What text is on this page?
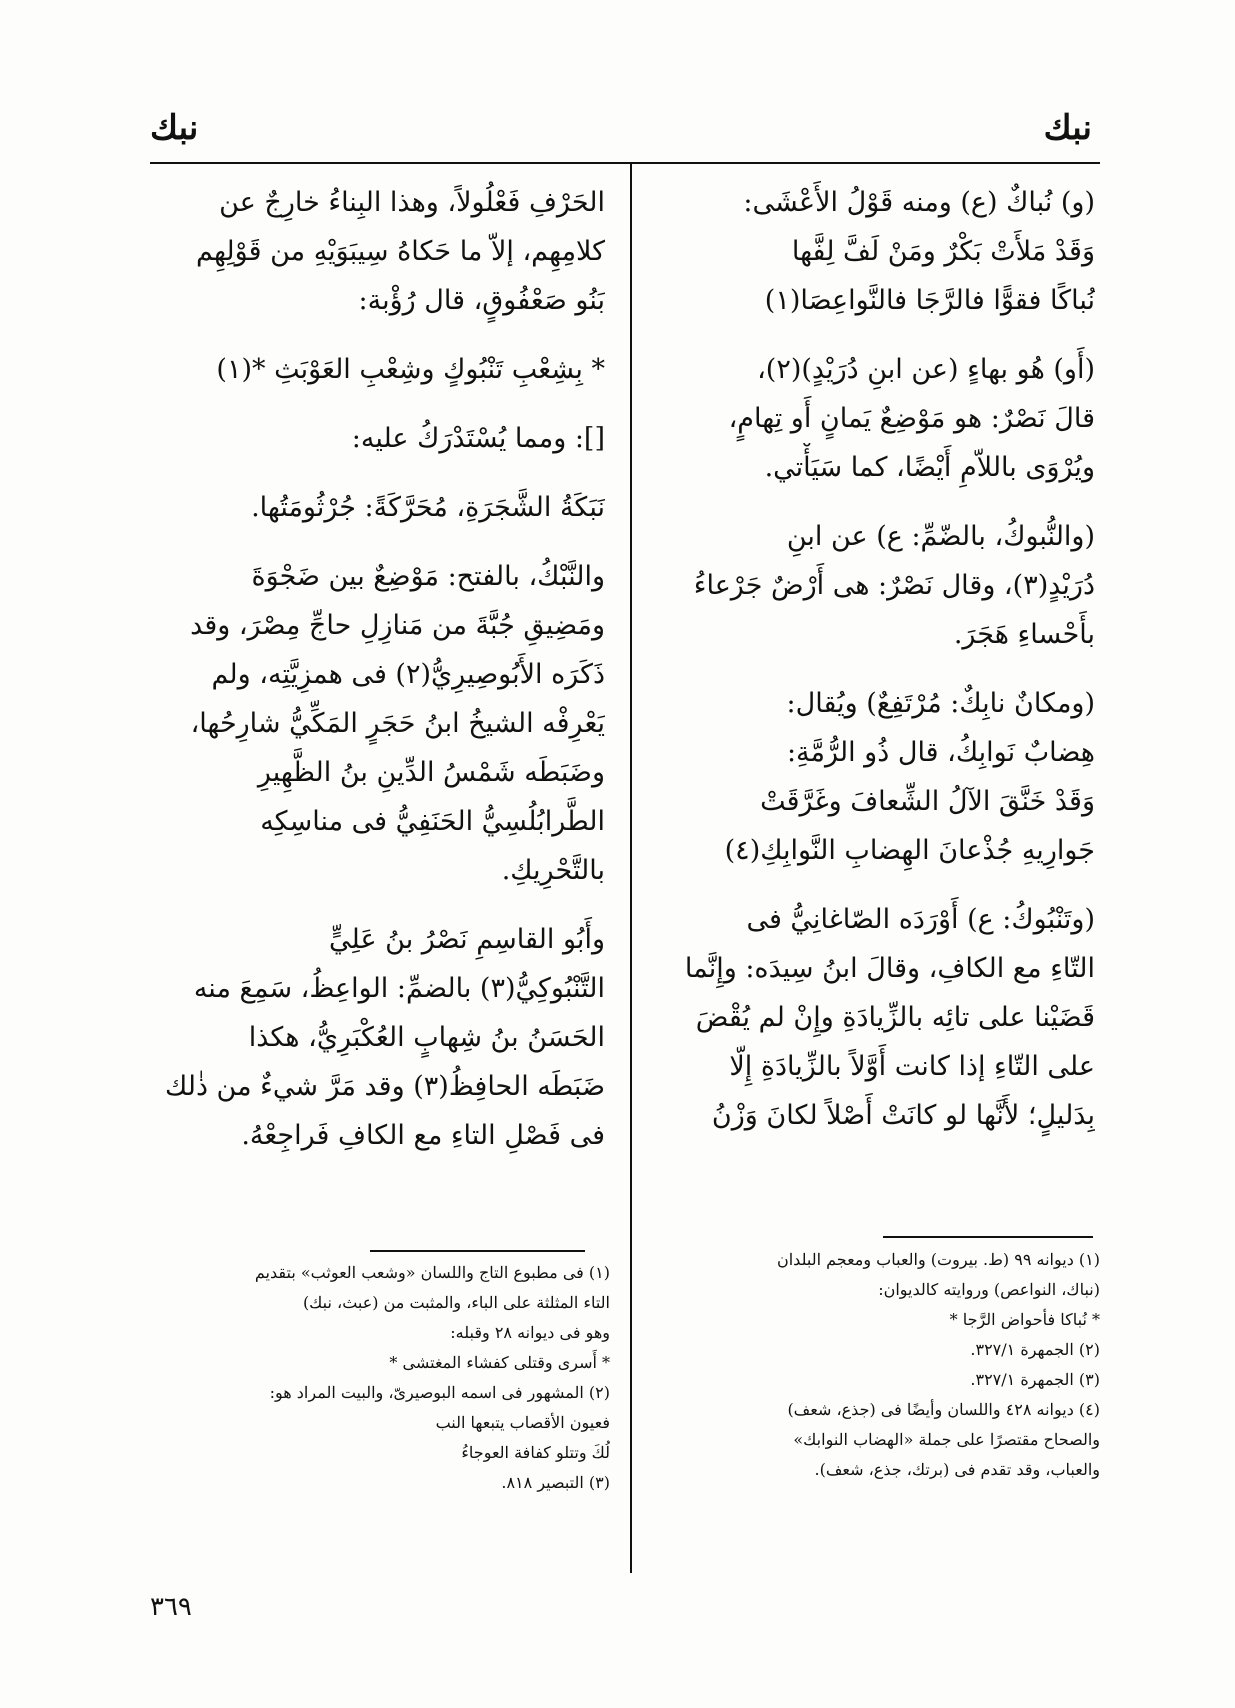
نبك
نبك
(و) نُباكٌ (ع) ومنه قَوْلُ الأَعْشَى:
وَقَدْ مَلأَتْ بَكْرٌ ومَنْ لَفَّ لِفَّها
نُباكًا فقوًّا فالرَّجَا فالنَّواعِصَا(١)
(أَو) هُو بهاءٍ (عن ابنِ دُرَيْدٍ)(٢)،
قالَ نَصْرٌ: هو مَوْضِعٌ يَمانٍ أَو تِهامٍ،
ويُرْوَى باللاّمِ أَيْضًا، كما سَيَأْتي.
(والنُّبوكُ، بالضّمِّ: ع) عن ابنِ
دُرَيْدٍ(٣)، وقال نَصْرٌ: هى أَرْضٌ جَرْعاءُ
بأَحْساءِ هَجَرَ.
(ومكانٌ نابِكٌ: مُرْتَفِعٌ) ويُقال:
هِضابٌ نَوابِكُ، قال ذُو الرُّمَّةِ:
وَقَدْ خَنَّقَ الآلُ الشِّعافَ وغَرَّقَتْ
جَوارِيهِ جُذْعانَ الهِضابِ النَّوابِكِ(٤)
(وتَنْبُوكُ: ع) أَوْرَدَه الصّاغانِيُّ فى
التّاءِ مع الكافِ، وقالَ ابنُ سِيدَه: وإِنَّما
قَضَيْنا على تائِه بالزِّيادَةِ وإِنْ لم يُقْضَ
على التّاءِ إذا كانت أَوَّلاً بالزِّيادَةِ إِلّا
بِدَليلٍ؛ لأَنَّها لو كانَتْ أَصْلاً لكانَ وَزْنُ
الحَرْفِ فَعْلُولاً، وهذا البِناءُ خارِجٌ عن
كلامِهِم، إلاّ ما حَكاهُ سِيبَوَيْهِ من قَوْلِهِم
بَنُو صَعْفُوقٍ، قال رُؤْبة:
* بِشِعْبِ تَنْبُوكٍ وشِعْبِ العَوْبَثِ *(١)
[]: ومما يُسْتَدْرَكُ عليه:
نَبَكَةُ الشَّجَرَةِ، مُحَرَّكَةً: جُرْثُومَتُها.
والنَّبْكُ، بالفتح: مَوْضِعٌ بين ضَجْوَةَ
ومَضِيقِ جُبَّةَ من مَنازِلِ حاجِّ مِصْرَ، وقد
ذَكَرَه الأَبُوصِيرِيُّ(٢) فى همزِيَّتِه، ولم
يَعْرِفْه الشيخُ ابنُ حَجَرٍ المَكِّيُّ شارِحُها،
وضَبَطَه شَمْسُ الدِّينِ بنُ الظَّهِيرِ
الطَّرابُلُسِيُّ الحَنَفِيُّ فى مناسِكِه
بالتَّحْرِيكِ.
وأَبُو القاسِمِ نَصْرُ بنُ عَلِيٍّ
التَّنْبُوكِيُّ(٣) بالضمِّ: الواعِظُ، سَمِعَ منه
الحَسَنُ بنُ شِهابٍ العُكْبَرِيُّ، هكذا
ضَبَطَه الحافِظُ(٣) وقد مَرَّ شيءٌ من ذٰلك
فى فَصْلِ التاءِ مع الكافِ فَراجِعْهُ.
(١) ديوانه ٩٩ (ط. بيروت) والعباب ومعجم البلدان
(نباك، النواعص) وروايته كالديوان:
* نُباكا فأحواض الرَّجا *
(٢) الجمهرة ٣٢٧/١.
(٣) الجمهرة ٣٢٧/١.
(٤) ديوانه ٤٢٨ واللسان وأيضًا فى (جذع، شعف)
والصحاح مقتصرًا على جملة «الهضاب النوابك»
والعباب، وقد تقدم فى (برتك، جذع، شعف).
(١) فى مطبوع التاج واللسان «وشعب العوثب» بتقديم
التاء المثلثة على الباء، والمثبت من (عبث، نبك)
وهو فى ديوانه ٢٨ وقبله:
* أَسرى وقتلى كفشاء المغتشى *
(٢) المشهور فى اسمه البوصيرىّ، والبيت المراد هو:
فعيون الأقصاب يتبعها النب
لُكَ وتتلو كفافة العوجاءُ
(٣) التبصير ٨١٨.
٣٦٩
